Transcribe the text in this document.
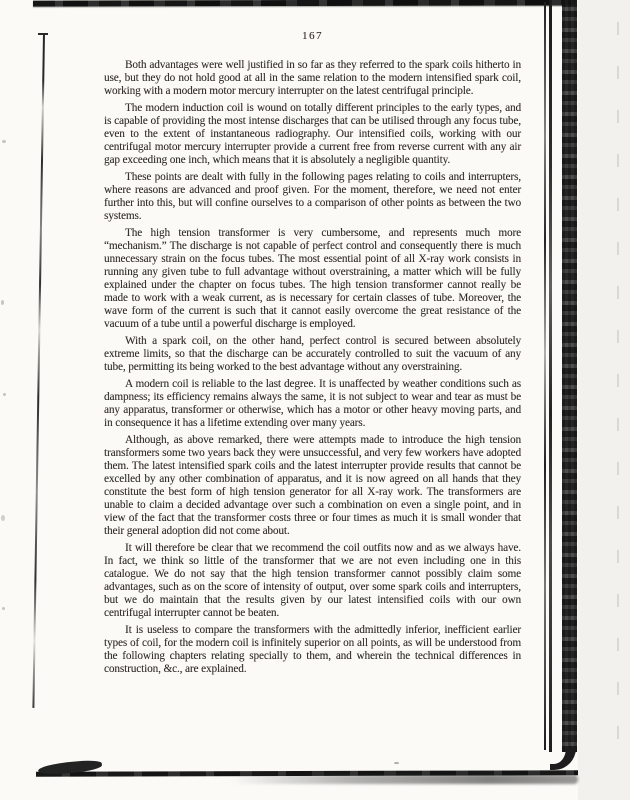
167

Both advantages were well justified in so far as they referred to the spark coils hitherto in use, but they do not hold good at all in the same relation to the modern intensified spark coil, working with a modern motor mercury interrupter on the latest centrifugal principle.

The modern induction coil is wound on totally different principles to the early types, and is capable of providing the most intense discharges that can be utilised through any focus tube, even to the extent of instantaneous radiography. Our intensified coils, working with our centrifugal motor mercury interrupter provide a current free from reverse current with any air gap exceeding one inch, which means that it is absolutely a negligible quantity.

These points are dealt with fully in the following pages relating to coils and interrupters, where reasons are advanced and proof given. For the moment, therefore, we need not enter further into this, but will confine ourselves to a comparison of other points as between the two systems.

The high tension transformer is very cumbersome, and represents much more “mechanism.” The discharge is not capable of perfect control and consequently there is much unnecessary strain on the focus tubes. The most essential point of all X-ray work consists in running any given tube to full advantage without overstraining, a matter which will be fully explained under the chapter on focus tubes. The high tension transformer cannot really be made to work with a weak current, as is necessary for certain classes of tube. Moreover, the wave form of the current is such that it cannot easily overcome the great resistance of the vacuum of a tube until a powerful discharge is employed.

With a spark coil, on the other hand, perfect control is secured between absolutely extreme limits, so that the discharge can be accurately controlled to suit the vacuum of any tube, permitting its being worked to the best advantage without any overstraining.

A modern coil is reliable to the last degree. It is unaffected by weather conditions such as dampness; its efficiency remains always the same, it is not subject to wear and tear as must be any apparatus, transformer or otherwise, which has a motor or other heavy moving parts, and in consequence it has a lifetime extending over many years.

Although, as above remarked, there were attempts made to introduce the high tension transformers some two years back they were unsuccessful, and very few workers have adopted them. The latest intensified spark coils and the latest interrupter provide results that cannot be excelled by any other combination of apparatus, and it is now agreed on all hands that they constitute the best form of high tension generator for all X-ray work. The transformers are unable to claim a decided advantage over such a combination on even a single point, and in view of the fact that the transformer costs three or four times as much it is small wonder that their general adoption did not come about.

It will therefore be clear that we recommend the coil outfits now and as we always have. In fact, we think so little of the transformer that we are not even including one in this catalogue. We do not say that the high tension transformer cannot possibly claim some advantages, such as on the score of intensity of output, over some spark coils and interrupters, but we do maintain that the results given by our latest intensified coils with our own centrifugal interrupter cannot be beaten.

It is useless to compare the transformers with the admittedly inferior, inefficient earlier types of coil, for the modern coil is infinitely superior on all points, as will be understood from the following chapters relating specially to them, and wherein the technical differences in construction, &c., are explained.
